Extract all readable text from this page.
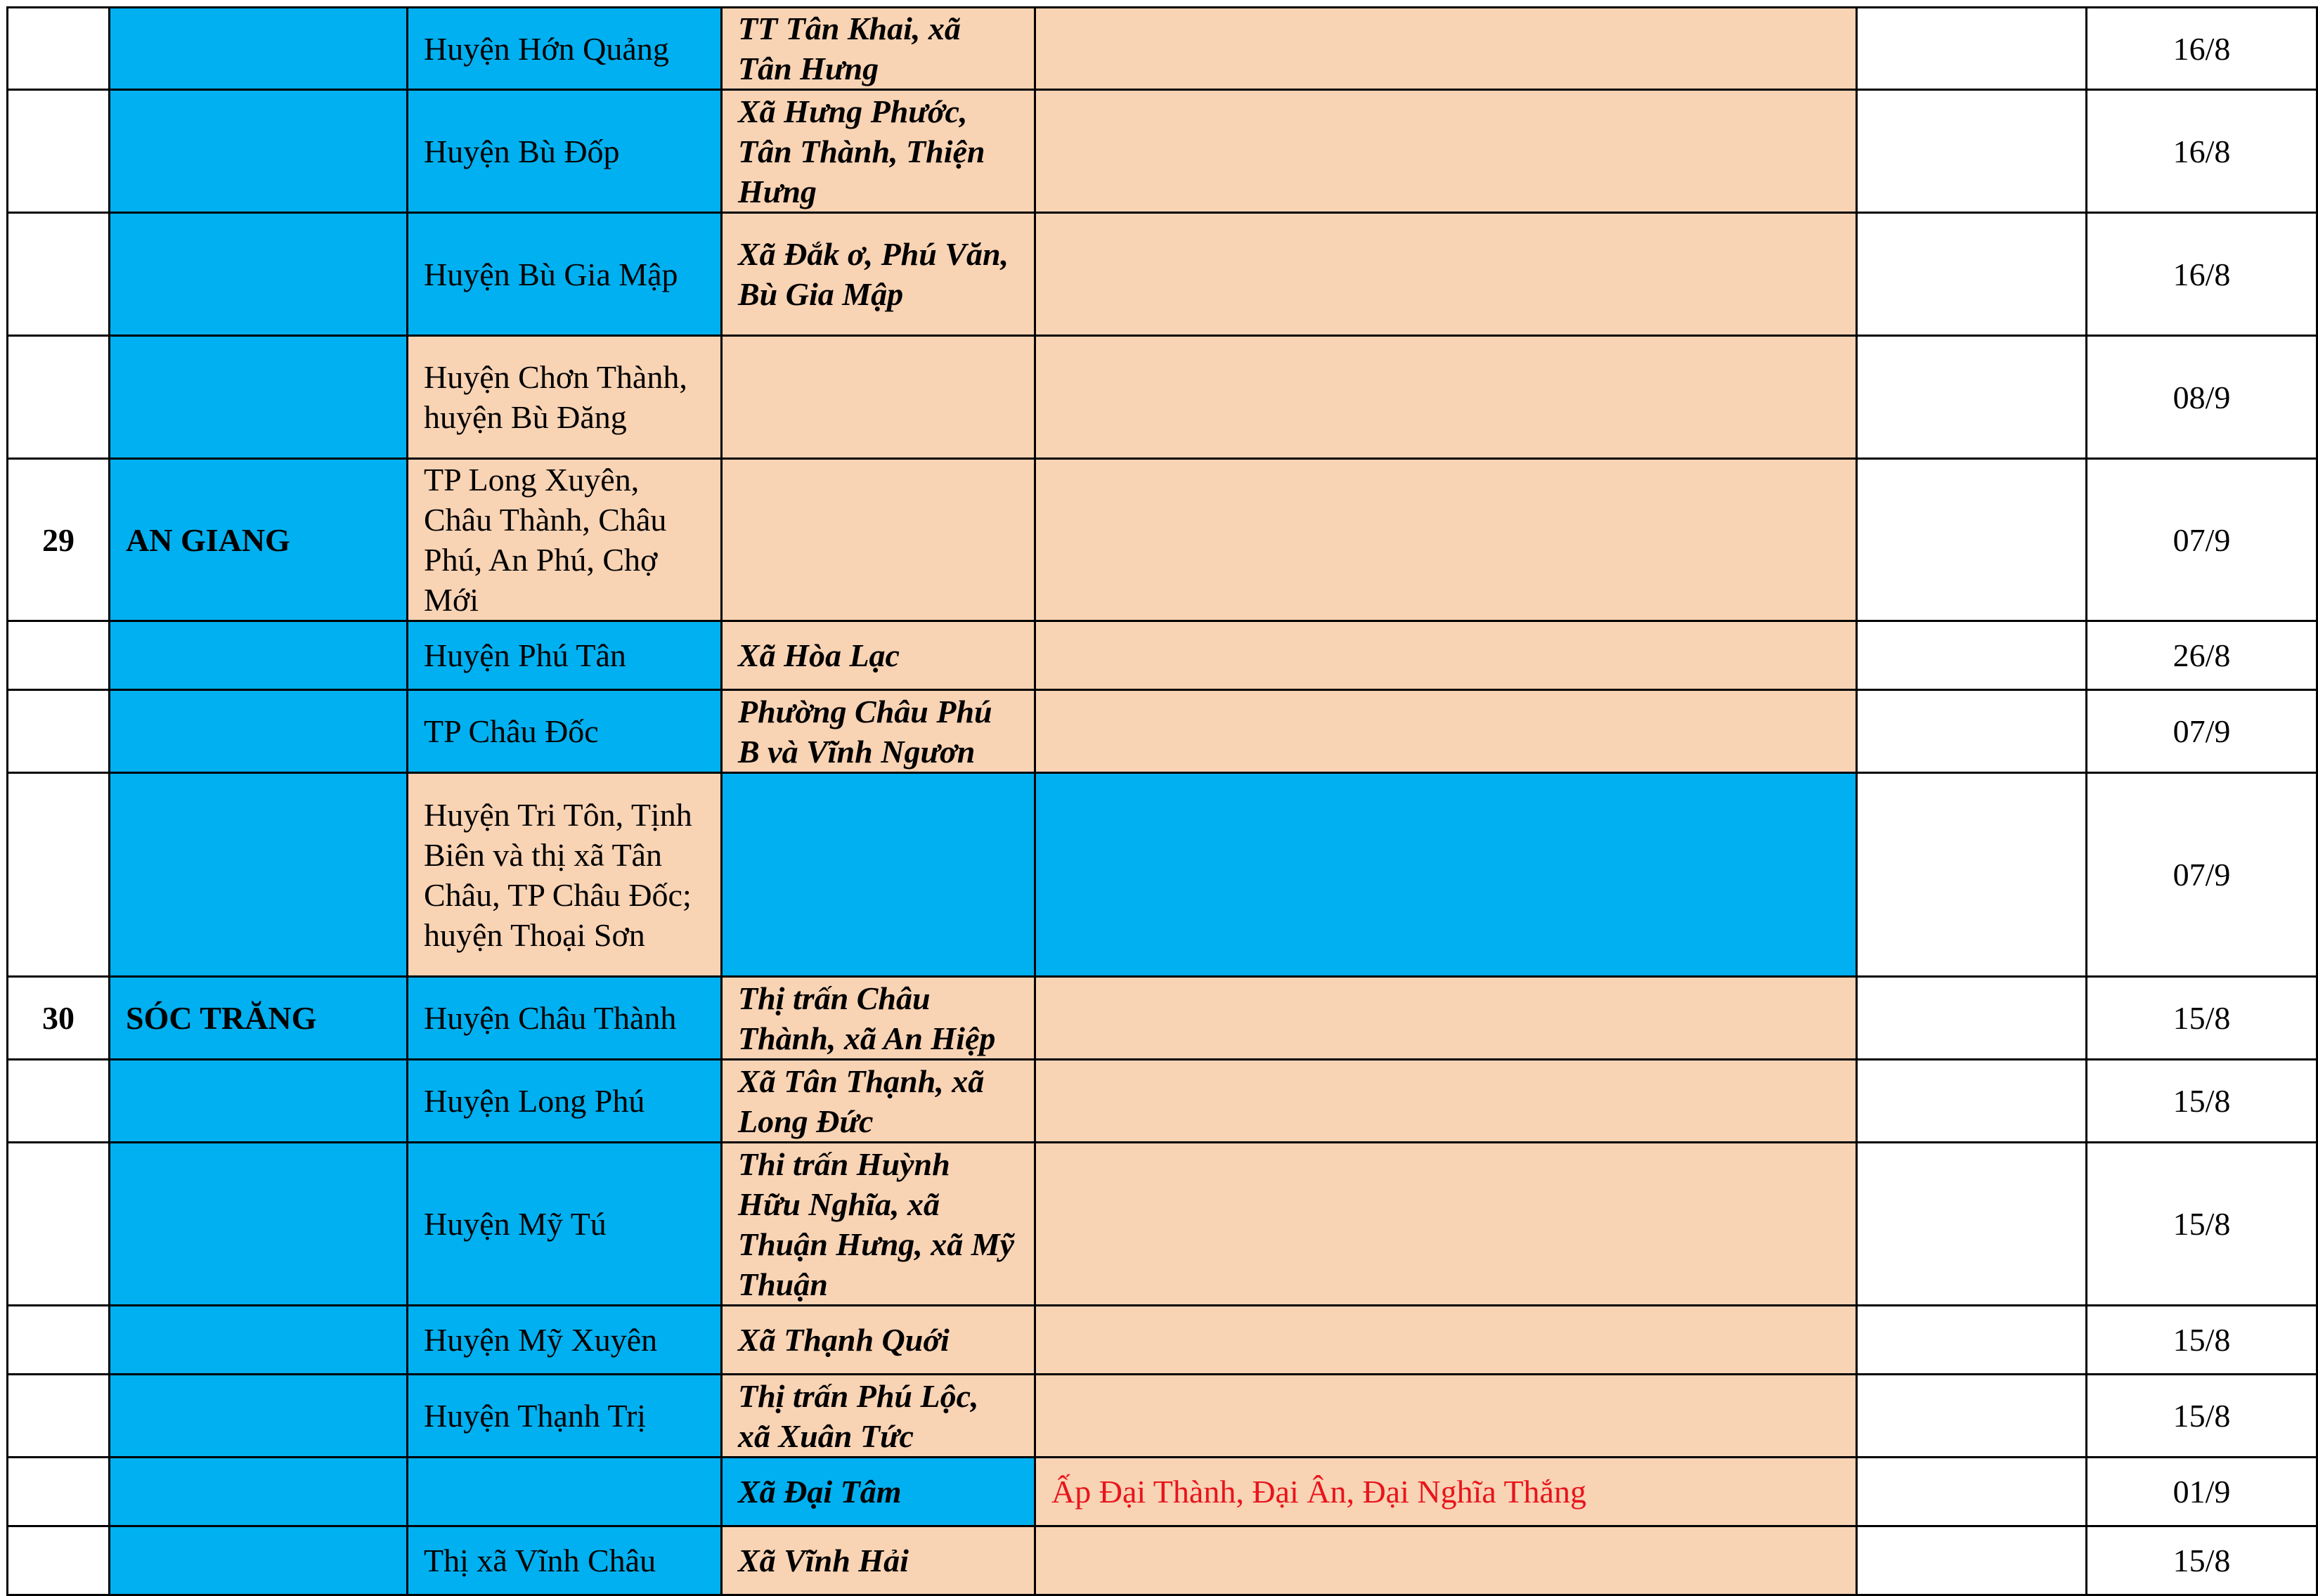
		Huyện Hớn Quảng	TT Tân Khai, xã Tân Hưng			16/8
		Huyện Bù Đốp	Xã Hưng Phước, Tân Thành, Thiện Hưng			16/8
		Huyện Bù Gia Mập	Xã Đắk ơ, Phú Văn, Bù Gia Mập			16/8
		Huyện Chơn Thành, huyện Bù Đăng				08/9
29	AN GIANG	TP Long Xuyên, Châu Thành, Châu Phú, An Phú, Chợ Mới				07/9
		Huyện Phú Tân	Xã Hòa Lạc			26/8
		TP Châu Đốc	Phường Châu Phú B và Vĩnh Ngươn			07/9
		Huyện Tri Tôn, Tịnh Biên và thị xã Tân Châu, TP Châu Đốc; huyện Thoại Sơn				07/9
30	SÓC TRĂNG	Huyện Châu Thành	Thị trấn Châu Thành, xã An Hiệp			15/8
		Huyện Long Phú	Xã Tân Thạnh, xã Long Đức			15/8
		Huyện Mỹ Tú	Thi trấn Huỳnh Hữu Nghĩa, xã Thuận Hưng, xã Mỹ Thuận			15/8
		Huyện Mỹ Xuyên	Xã Thạnh Quới			15/8
		Huyện Thạnh Trị	Thị trấn Phú Lộc, xã Xuân Tức			15/8
			Xã Đại Tâm	Ấp Đại Thành, Đại Ân, Đại Nghĩa Thắng		01/9
		Thị xã Vĩnh Châu	Xã Vĩnh Hải			15/8
